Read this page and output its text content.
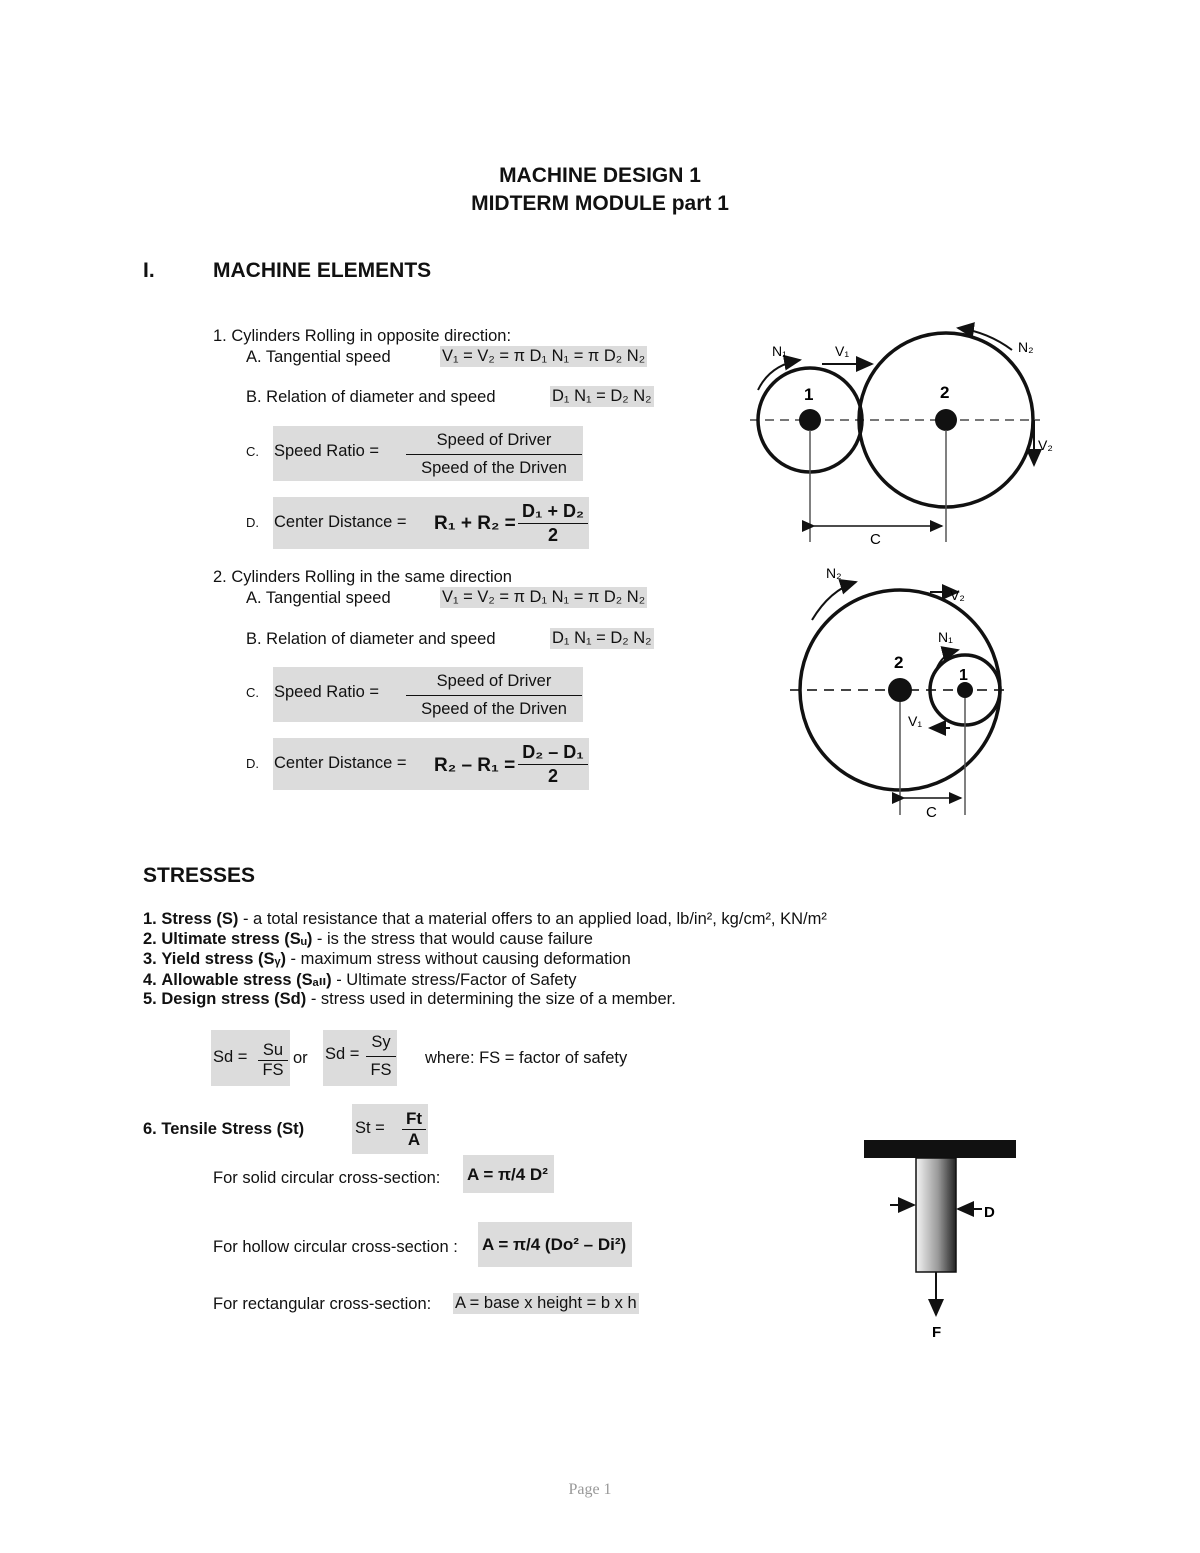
MACHINE DESIGN 1
MIDTERM MODULE part 1
I.	MACHINE ELEMENTS
1. Cylinders Rolling in opposite direction:
A. Tangential speed	V₁ = V₂ = π D₁ N₁ = π D₂ N₂
B. Relation of diameter and speed	D₁ N₁ = D₂ N₂
C. Speed Ratio =
Speed of Driver
Speed of the Driven
D. Center Distance = R₁ + R₂ =
D₁ + D₂
2
2. Cylinders Rolling in the same direction
A. Tangential speed	V₁ = V₂ = π D₁ N₁ = π D₂ N₂
B. Relation of diameter and speed	D₁ N₁ = D₂ N₂
C. Speed Ratio =
Speed of Driver
Speed of the Driven
D. Center Distance = R₂ – R₁ =
D₂ – D₁
2
N₁	V₁	N₂
V₂
1	2
C
N₂
V₂
N₁
V₁
1
2
C
STRESSES
1. Stress (S) - a total resistance that a material offers to an applied load, lb/in², kg/cm², KN/m²
2. Ultimate stress (Sᵤ) - is the stress that would cause failure
3. Yield stress (Sᵧ) - maximum stress without causing deformation
4. Allowable stress (Sₐₗₗ) - Ultimate stress/Factor of Safety
5. Design stress (Sd) - stress used in determining the size of a member.
Sd = Su
FS
or Sd =
Sy
FS
where: FS = factor of safety
6. Tensile Stress (St)	St = Ft
A
For solid circular cross-section: A = π/4 D²
For hollow circular cross-section : A = π/4 (Do² – Di²)
For rectangular cross-section: A = base x height = b x h
D
F
Page 1
